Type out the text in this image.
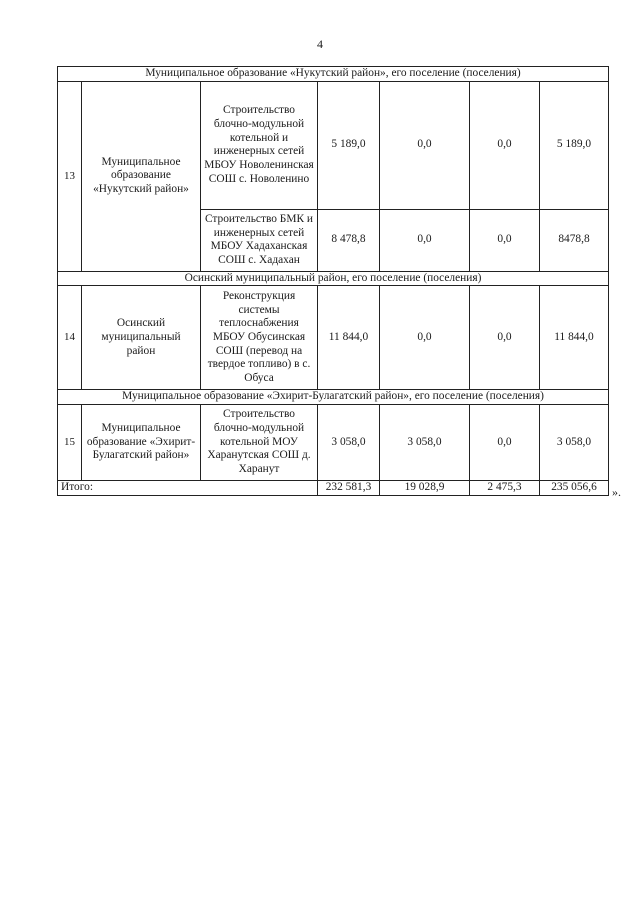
4
Муниципальное образование «Нукутский район», его поселение (поселения)						
13	Муниципальное образование «Нукутский район»	Строительство блочно-модульной котельной и инженерных сетей МБОУ Новоленинская СОШ с. Новоленино	5 189,0	0,0	0,0	5 189,0
		Строительство БМК и инженерных сетей МБОУ Хадаханская СОШ с. Хадахан	8 478,8	0,0	0,0	8478,8
Осинский муниципальный район, его поселение (поселения)						
14	Осинский муниципальный район	Реконструкция системы теплоснабжения МБОУ Обусинская СОШ (перевод на твердое топливо) в с. Обуса	11 844,0	0,0	0,0	11 844,0
Муниципальное образование «Эхирит-Булагатский район», его поселение (поселения)						
15	Муниципальное образование «Эхирит-Булагатский район»	Строительство блочно-модульной котельной МОУ Харанутская СОШ д. Харанут	3 058,0	3 058,0	0,0	3 058,0
Итого:			232 581,3	19 028,9	2 475,3	235 056,6 ».
